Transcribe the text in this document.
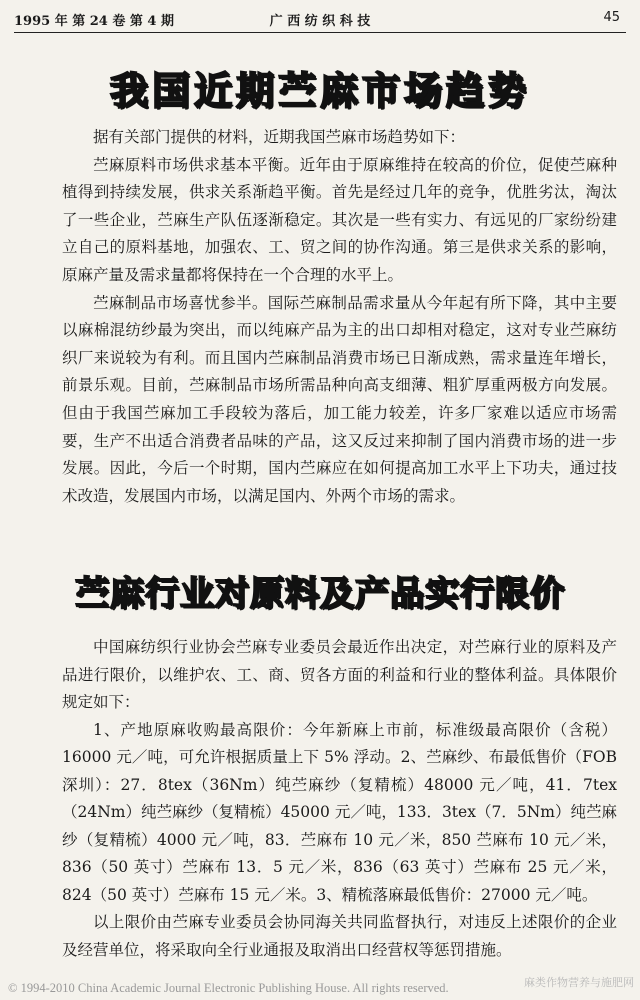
1995 年 第 24 卷 第 4 期	广 西 纺 织 科 技	45
我国近期苎麻市场趋势

据有关部门提供的材料，近期我国苎麻市场趋势如下：

苎麻原料市场供求基本平衡。近年由于原麻维持在较高的价位，促使苎麻种植得到持续发展，供求关系渐趋平衡。首先是经过几年的竞争，优胜劣汰，淘汰了一些企业，苎麻生产队伍逐渐稳定。其次是一些有实力、有远见的厂家纷纷建立自己的原料基地，加强农、工、贸之间的协作沟通。第三是供求关系的影响，原麻产量及需求量都将保持在一个合理的水平上。

苎麻制品市场喜忧参半。国际苎麻制品需求量从今年起有所下降，其中主要以麻棉混纺纱最为突出，而以纯麻产品为主的出口却相对稳定，这对专业苎麻纺织厂来说较为有利。而且国内苎麻制品消费市场已日渐成熟，需求量连年增长，前景乐观。目前，苎麻制品市场所需品种向高支细薄、粗犷厚重两极方向发展。但由于我国苎麻加工手段较为落后，加工能力较差，许多厂家难以适应市场需要，生产不出适合消费者品味的产品，这又反过来抑制了国内消费市场的进一步发展。因此，今后一个时期，国内苎麻应在如何提高加工水平上下功夫，通过技术改造，发展国内市场，以满足国内、外两个市场的需求。

苎麻行业对原料及产品实行限价

中国麻纺织行业协会苎麻专业委员会最近作出决定，对苎麻行业的原料及产品进行限价，以维护农、工、商、贸各方面的利益和行业的整体利益。具体限价规定如下：

1、产地原麻收购最高限价：今年新麻上市前，标准级最高限价（含税）16000 元／吨，可允许根据质量上下 5% 浮动。2、苎麻纱、布最低售价（FOB 深圳）：27．8tex（36Nm）纯苎麻纱（复精梳）48000 元／吨，41．7tex（24Nm）纯苎麻纱（复精梳）45000 元／吨，133．3tex（7．5Nm）纯苎麻纱（复精梳）4000 元／吨，83．苎麻布 10 元／米，850 苎麻布 10 元／米，836（50 英寸）苎麻布 13．5 元／米，836（63 英寸）苎麻布 25 元／米，824（50 英寸）苎麻布 15 元／米。3、精梳落麻最低售价：27000 元／吨。

以上限价由苎麻专业委员会协同海关共同监督执行，对违反上述限价的企业及经营单位，将采取向全行业通报及取消出口经营权等惩罚措施。

© 1994-2010 China Academic Journal Electronic Publishing House. All rights reserved.	麻类作物营养与施肥网
